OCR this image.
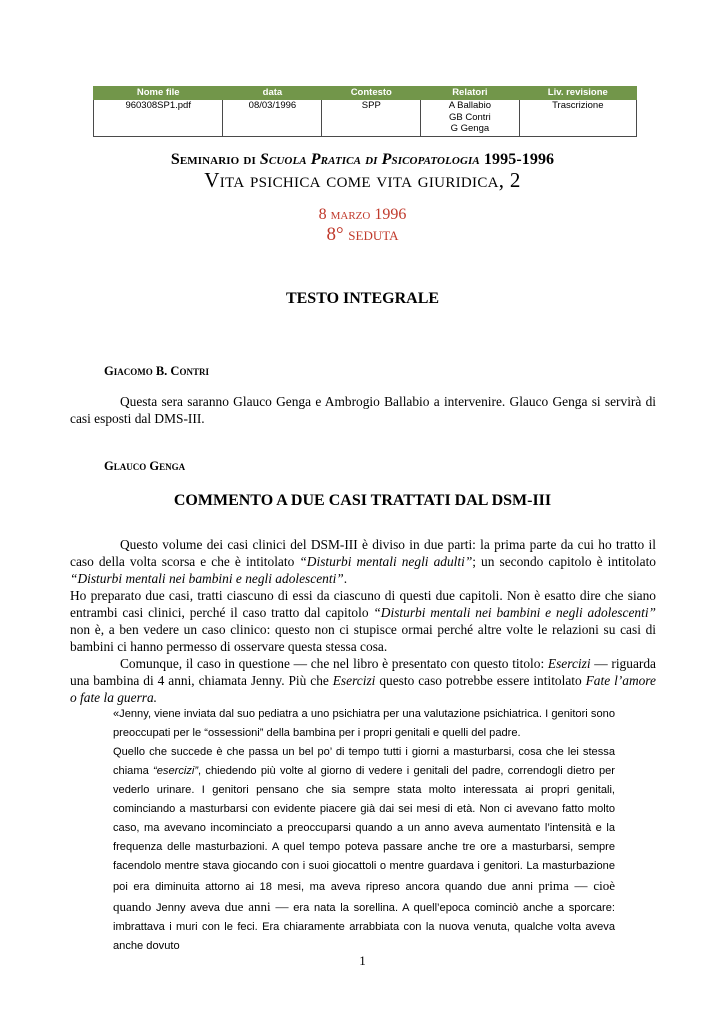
Nome file	data	Contesto	Relatori	Liv. revisione
960308SP1.pdf	08/03/1996	SPP	A Ballabio
GB Contri
G Genga	Trascrizione
Seminario di Scuola Pratica di Psicopatologia 1995-1996
Vita psichica come vita giuridica, 2
8 marzo 1996
8° seduta
TESTO INTEGRALE
Giacomo B. Contri

Questa sera saranno Glauco Genga e Ambrogio Ballabio a intervenire. Glauco Genga si servirà di casi esposti dal DMS-III.

Glauco Genga
COMMENTO A DUE CASI TRATTATI DAL DSM-III

Questo volume dei casi clinici del DSM-III è diviso in due parti: la prima parte da cui ho tratto il caso della volta scorsa e che è intitolato “Disturbi mentali negli adulti”; un secondo capitolo è intitolato “Disturbi mentali nei bambini e negli adolescenti”.

Ho preparato due casi, tratti ciascuno di essi da ciascuno di questi due capitoli. Non è esatto dire che siano entrambi casi clinici, perché il caso tratto dal capitolo “Disturbi mentali nei bambini e negli adolescenti” non è, a ben vedere un caso clinico: questo non ci stupisce ormai perché altre volte le relazioni su casi di bambini ci hanno permesso di osservare questa stessa cosa.

Comunque, il caso in questione — che nel libro è presentato con questo titolo: Esercizi — riguarda una bambina di 4 anni, chiamata Jenny. Più che Esercizi questo caso potrebbe essere intitolato Fate l’amore o fate la guerra.

«Jenny, viene inviata dal suo pediatra a uno psichiatra per una valutazione psichiatrica. I genitori sono preoccupati per le “ossessioni” della bambina per i propri genitali e quelli del padre.

Quello che succede è che passa un bel po’ di tempo tutti i giorni a masturbarsi, cosa che lei stessa chiama “esercizi”, chiedendo più volte al giorno di vedere i genitali del padre, correndogli dietro per vederlo urinare. I genitori pensano che sia sempre stata molto interessata ai propri genitali, cominciando a masturbarsi con evidente piacere già dai sei mesi di età. Non ci avevano fatto molto caso, ma avevano incominciato a preoccuparsi quando a un anno aveva aumentato l’intensità e la frequenza delle masturbazioni. A quel tempo poteva passare anche tre ore a masturbarsi, sempre facendolo mentre stava giocando con i suoi giocattoli o mentre guardava i genitori. La masturbazione poi era diminuita attorno ai 18 mesi, ma aveva ripreso ancora quando due anni prima — cioè quando Jenny aveva due anni — era nata la sorellina. A quell’epoca cominciò anche a sporcare: imbrattava i muri con le feci. Era chiaramente arrabbiata con la nuova venuta, qualche volta aveva anche dovuto

1
